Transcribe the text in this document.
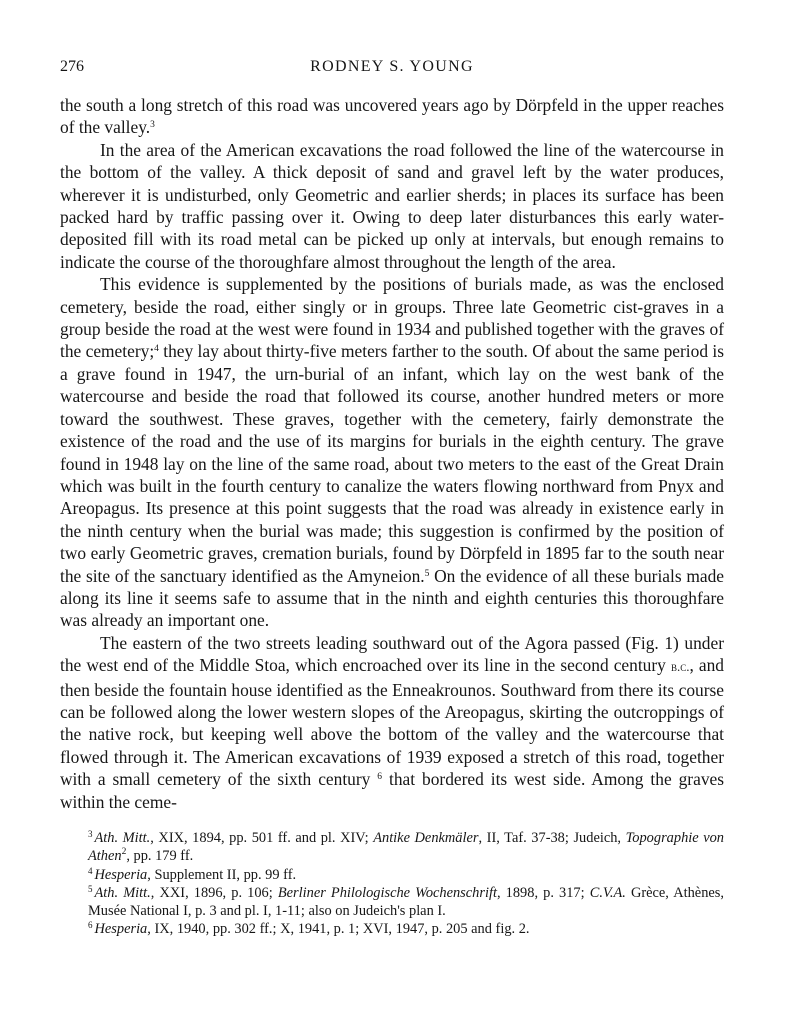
276	RODNEY S. YOUNG

the south a long stretch of this road was uncovered years ago by Dörpfeld in the upper reaches of the valley.$^3$

In the area of the American excavations the road followed the line of the watercourse in the bottom of the valley. A thick deposit of sand and gravel left by the water produces, wherever it is undisturbed, only Geometric and earlier sherds; in places its surface has been packed hard by traffic passing over it. Owing to deep later disturbances this early water-deposited fill with its road metal can be picked up only at intervals, but enough remains to indicate the course of the thoroughfare almost throughout the length of the area.

This evidence is supplemented by the positions of burials made, as was the enclosed cemetery, beside the road, either singly or in groups. Three late Geometric cist-graves in a group beside the road at the west were found in 1934 and published together with the graves of the cemetery;$^4$ they lay about thirty-five meters farther to the south. Of about the same period is a grave found in 1947, the urn-burial of an infant, which lay on the west bank of the watercourse and beside the road that followed its course, another hundred meters or more toward the southwest. These graves, together with the cemetery, fairly demonstrate the existence of the road and the use of its margins for burials in the eighth century. The grave found in 1948 lay on the line of the same road, about two meters to the east of the Great Drain which was built in the fourth century to canalize the waters flowing northward from Pnyx and Areopagus. Its presence at this point suggests that the road was already in existence early in the ninth century when the burial was made; this suggestion is confirmed by the position of two early Geometric graves, cremation burials, found by Dörpfeld in 1895 far to the south near the site of the sanctuary identified as the Amyneion.$^5$ On the evidence of all these burials made along its line it seems safe to assume that in the ninth and eighth centuries this thoroughfare was already an important one.

The eastern of the two streets leading southward out of the Agora passed (Fig. 1) under the west end of the Middle Stoa, which encroached over its line in the second century b.c., and then beside the fountain house identified as the Enneakrounos. Southward from there its course can be followed along the lower western slopes of the Areopagus, skirting the outcroppings of the native rock, but keeping well above the bottom of the valley and the watercourse that flowed through it. The American excavations of 1939 exposed a stretch of this road, together with a small cemetery of the sixth century $^6$ that bordered its west side. Among the graves within the ceme-

$^3$ Ath. Mitt., XIX, 1894, pp. 501 ff. and pl. XIV; Antike Denkmäler, II, Taf. 37-38; Judeich, Topographie von Athen$^2$, pp. 179 ff.

$^4$ Hesperia, Supplement II, pp. 99 ff.

$^5$ Ath. Mitt., XXI, 1896, p. 106; Berliner Philologische Wochenschrift, 1898, p. 317; C.V.A. Grèce, Athènes, Musée National I, p. 3 and pl. I, 1-11; also on Judeich's plan I.

$^6$ Hesperia, IX, 1940, pp. 302 ff.; X, 1941, p. 1; XVI, 1947, p. 205 and fig. 2.
